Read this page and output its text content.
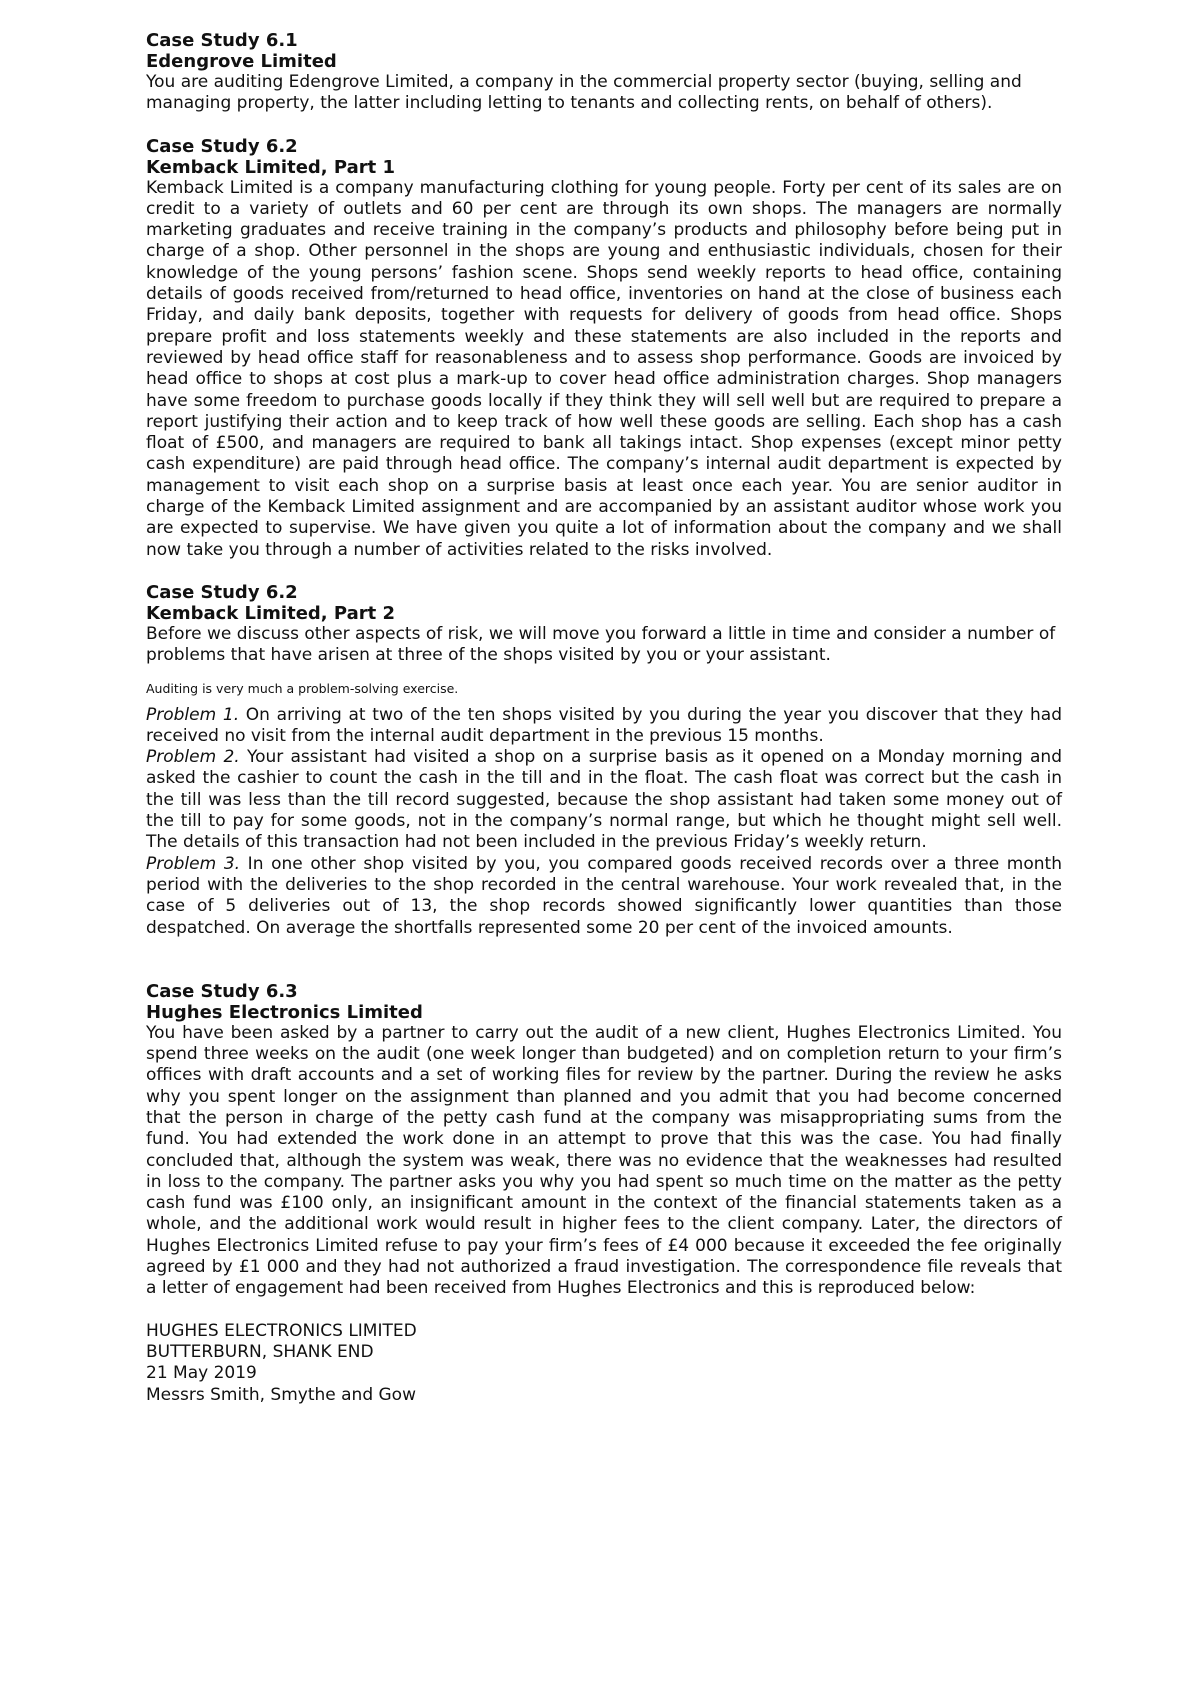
Case Study 6.1

Edengrove Limited

You are auditing Edengrove Limited, a company in the commercial property sector (buying, selling and managing property, the latter including letting to tenants and collecting rents, on behalf of others).

Case Study 6.2

Kemback Limited, Part 1

Kemback Limited is a company manufacturing clothing for young people. Forty per cent of its sales are on credit to a variety of outlets and 60 per cent are through its own shops. The managers are normally marketing graduates and receive training in the company’s products and philosophy before being put in charge of a shop. Other personnel in the shops are young and enthusiastic individuals, chosen for their knowledge of the young persons’ fashion scene. Shops send weekly reports to head office, containing details of goods received from/returned to head office, inventories on hand at the close of business each Friday, and daily bank deposits, together with requests for delivery of goods from head office. Shops prepare profit and loss statements weekly and these statements are also included in the reports and reviewed by head office staff for reasonableness and to assess shop performance. Goods are invoiced by head office to shops at cost plus a mark-up to cover head office administration charges. Shop managers have some freedom to purchase goods locally if they think they will sell well but are required to prepare a report justifying their action and to keep track of how well these goods are selling. Each shop has a cash float of £500, and managers are required to bank all takings intact. Shop expenses (except minor petty cash expenditure) are paid through head office. The company’s internal audit department is expected by management to visit each shop on a surprise basis at least once each year. You are senior auditor in charge of the Kemback Limited assignment and are accompanied by an assistant auditor whose work you are expected to supervise. We have given you quite a lot of information about the company and we shall now take you through a number of activities related to the risks involved.

Case Study 6.2

Kemback Limited, Part 2

Before we discuss other aspects of risk, we will move you forward a little in time and consider a number of problems that have arisen at three of the shops visited by you or your assistant.

Auditing is very much a problem-solving exercise.

Problem 1. On arriving at two of the ten shops visited by you during the year you discover that they had received no visit from the internal audit department in the previous 15 months.

Problem 2. Your assistant had visited a shop on a surprise basis as it opened on a Monday morning and asked the cashier to count the cash in the till and in the float. The cash float was correct but the cash in the till was less than the till record suggested, because the shop assistant had taken some money out of the till to pay for some goods, not in the company’s normal range, but which he thought might sell well. The details of this transaction had not been included in the previous Friday’s weekly return.

Problem 3. In one other shop visited by you, you compared goods received records over a three month period with the deliveries to the shop recorded in the central warehouse. Your work revealed that, in the case of 5 deliveries out of 13, the shop records showed significantly lower quantities than those despatched. On average the shortfalls represented some 20 per cent of the invoiced amounts.

Case Study 6.3

Hughes Electronics Limited

You have been asked by a partner to carry out the audit of a new client, Hughes Electronics Limited. You spend three weeks on the audit (one week longer than budgeted) and on completion return to your firm’s offices with draft accounts and a set of working files for review by the partner. During the review he asks why you spent longer on the assignment than planned and you admit that you had become concerned that the person in charge of the petty cash fund at the company was misappropriating sums from the fund. You had extended the work done in an attempt to prove that this was the case. You had finally concluded that, although the system was weak, there was no evidence that the weaknesses had resulted in loss to the company. The partner asks you why you had spent so much time on the matter as the petty cash fund was £100 only, an insignificant amount in the context of the financial statements taken as a whole, and the additional work would result in higher fees to the client company. Later, the directors of Hughes Electronics Limited refuse to pay your firm’s fees of £4 000 because it exceeded the fee originally agreed by £1 000 and they had not authorized a fraud investigation. The correspondence file reveals that a letter of engagement had been received from Hughes Electronics and this is reproduced below:

HUGHES ELECTRONICS LIMITED

BUTTERBURN, SHANK END

21 May 2019

Messrs Smith, Smythe and Gow
